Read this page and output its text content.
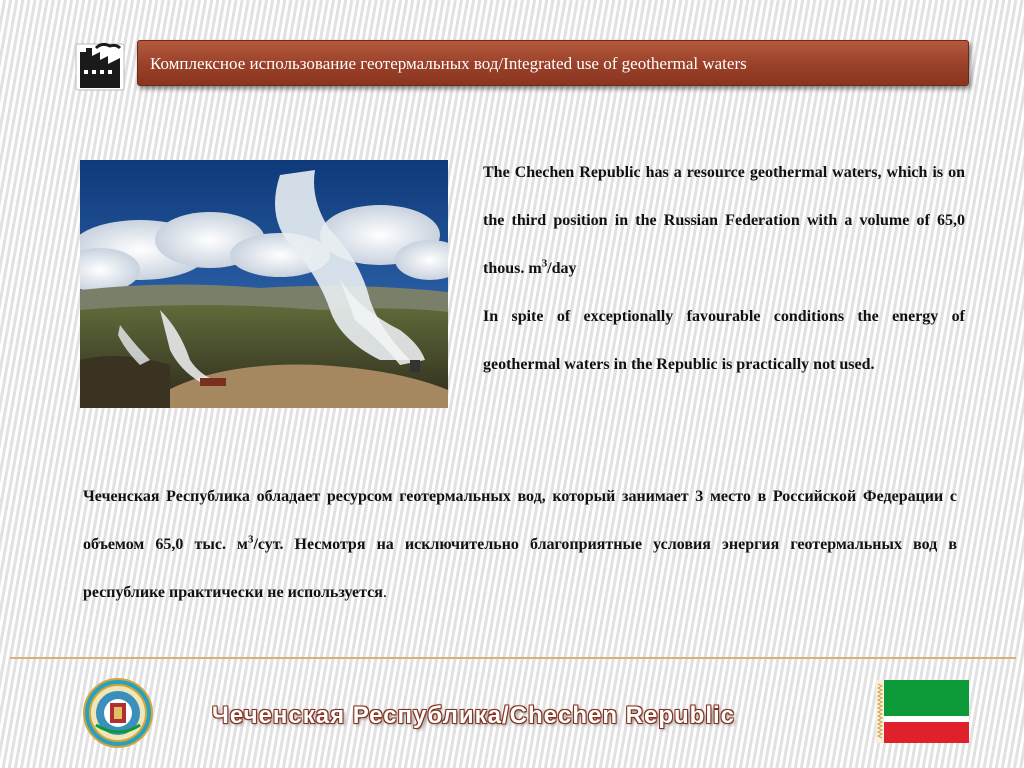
Комплексное использование геотермальных вод/Integrated use of geothermal waters

The Chechen Republic has a resource geothermal waters, which is on the third position in the Russian Federation with a volume of 65,0 thous. $m^3$/day

In spite of exceptionally favourable conditions the energy of geothermal waters in the Republic is practically not used.

Чеченская Республика обладает ресурсом геотермальных вод, который занимает 3 место в Российской Федерации с объемом 65,0 тыс. $м^3$/сут. Несмотря на исключительно благоприятные условия энергия геотермальных вод в республике практически не используется.

Чеченская Республика/Chechen Republic
